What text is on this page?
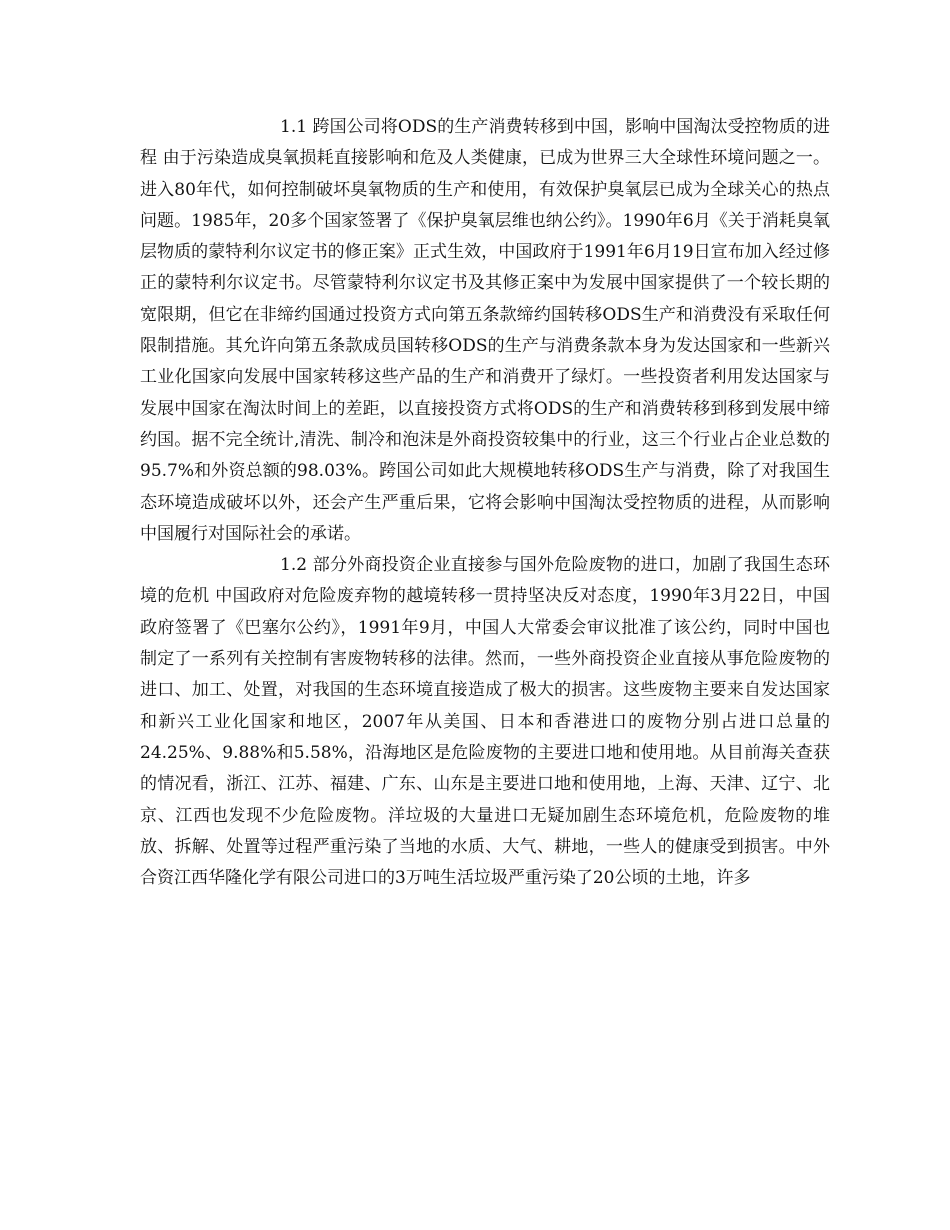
1.1 跨国公司将ODS的生产消费转移到中国，影响中国淘汰受控物质的进程 由于污染造成臭氧损耗直接影响和危及人类健康，已成为世界三大全球性环境问题之一。进入80年代，如何控制破坏臭氧物质的生产和使用，有效保护臭氧层已成为全球关心的热点问题。1985年，20多个国家签署了《保护臭氧层维也纳公约》。1990年6月《关于消耗臭氧层物质的蒙特利尔议定书的修正案》正式生效，中国政府于1991年6月19日宣布加入经过修正的蒙特利尔议定书。尽管蒙特利尔议定书及其修正案中为发展中国家提供了一个较长期的宽限期，但它在非缔约国通过投资方式向第五条款缔约国转移ODS生产和消费没有采取任何限制措施。其允许向第五条款成员国转移ODS的生产与消费条款本身为发达国家和一些新兴工业化国家向发展中国家转移这些产品的生产和消费开了绿灯。一些投资者利用发达国家与发展中国家在淘汰时间上的差距，以直接投资方式将ODS的生产和消费转移到移到发展中缔约国。据不完全统计,清洗、制冷和泡沫是外商投资较集中的行业，这三个行业占企业总数的95.7%和外资总额的98.03%。跨国公司如此大规模地转移ODS生产与消费，除了对我国生态环境造成破坏以外，还会产生严重后果，它将会影响中国淘汰受控物质的进程，从而影响中国履行对国际社会的承诺。

1.2 部分外商投资企业直接参与国外危险废物的进口，加剧了我国生态环境的危机 中国政府对危险废弃物的越境转移一贯持坚决反对态度，1990年3月22日，中国政府签署了《巴塞尔公约》，1991年9月，中国人大常委会审议批准了该公约，同时中国也制定了一系列有关控制有害废物转移的法律。然而，一些外商投资企业直接从事危险废物的进口、加工、处置，对我国的生态环境直接造成了极大的损害。这些废物主要来自发达国家和新兴工业化国家和地区，2007年从美国、日本和香港进口的废物分别占进口总量的24.25%、9.88%和5.58%，沿海地区是危险废物的主要进口地和使用地。从目前海关查获的情况看，浙江、江苏、福建、广东、山东是主要进口地和使用地，上海、天津、辽宁、北京、江西也发现不少危险废物。洋垃圾的大量进口无疑加剧生态环境危机，危险废物的堆放、拆解、处置等过程严重污染了当地的水质、大气、耕地，一些人的健康受到损害。中外合资江西华隆化学有限公司进口的3万吨生活垃圾严重污染了20公顷的土地，许多
